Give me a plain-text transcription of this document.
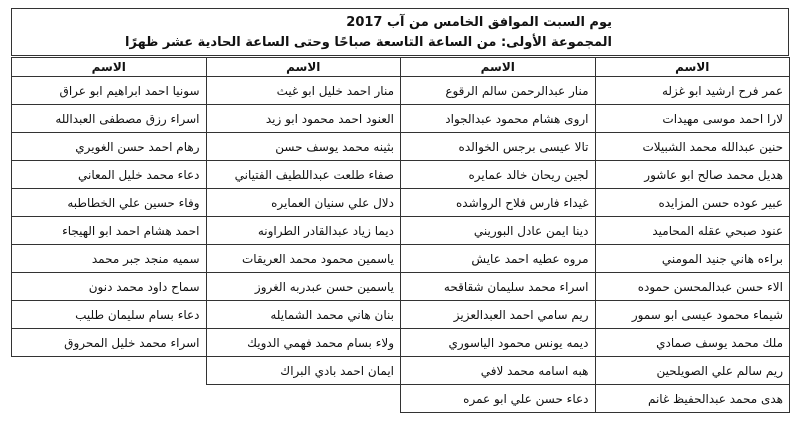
يوم السبت الموافق الخامس من آب 2017
المجموعة الأولى: من الساعة التاسعة صباحًا وحتى الساعة الحادية عشر ظهرًا
الاسم	الاسم	الاسم	الاسم
عمر فرح ارشيد ابو غزله	منار عبدالرحمن سالم الرقوع	منار احمد خليل ابو غيث	سونيا احمد ابراهيم ابو عراق
لارا احمد موسى مهيدات	اروى هشام محمود عبدالجواد	العنود احمد محمود ابو زيد	اسراء رزق مصطفى العبدالله
حنين عبدالله محمد الشبيلات	تالا عيسى برجس الخوالده	بثينه محمد يوسف حسن	رهام احمد حسن الغويري
هديل محمد صالح ابو عاشور	لجين ريحان خالد عمايره	صفاء طلعت عبداللطيف الفتياني	دعاء محمد خليل المعاني
عبير عوده حسن المزايده	غيداء فارس فلاح الرواشده	دلال علي سنيان العمايره	وفاء حسين علي الخطاطبه
عنود صبحي عقله المحاميد	دينا ايمن عادل البوريني	ديما زياد عبدالقادر الطراونه	احمد هشام احمد ابو الهيجاء
براءه هاني جنيد المومني	مروه عطيه احمد عايش	ياسمين محمود محمد العريقات	سميه منجد جبر محمد
الاء حسن عبدالمحسن حموده	اسراء محمد سليمان شقاقحه	ياسمين حسن عبدربه الغروز	سماح داود محمد دنون
شيماء محمود عيسى ابو سمور	ريم سامي احمد العبدالعزيز	بنان هاني محمد الشمايله	دعاء بسام سليمان طليب
ملك محمد يوسف صمادي	ديمه يونس محمود الياسوري	ولاء بسام محمد فهمي الدويك	اسراء محمد خليل المحروق
ريم سالم علي الصويلحين	هبه اسامه محمد لافي	ايمان احمد بادي البراك	
هدى محمد عبدالحفيظ غانم	دعاء حسن علي ابو عمره		
